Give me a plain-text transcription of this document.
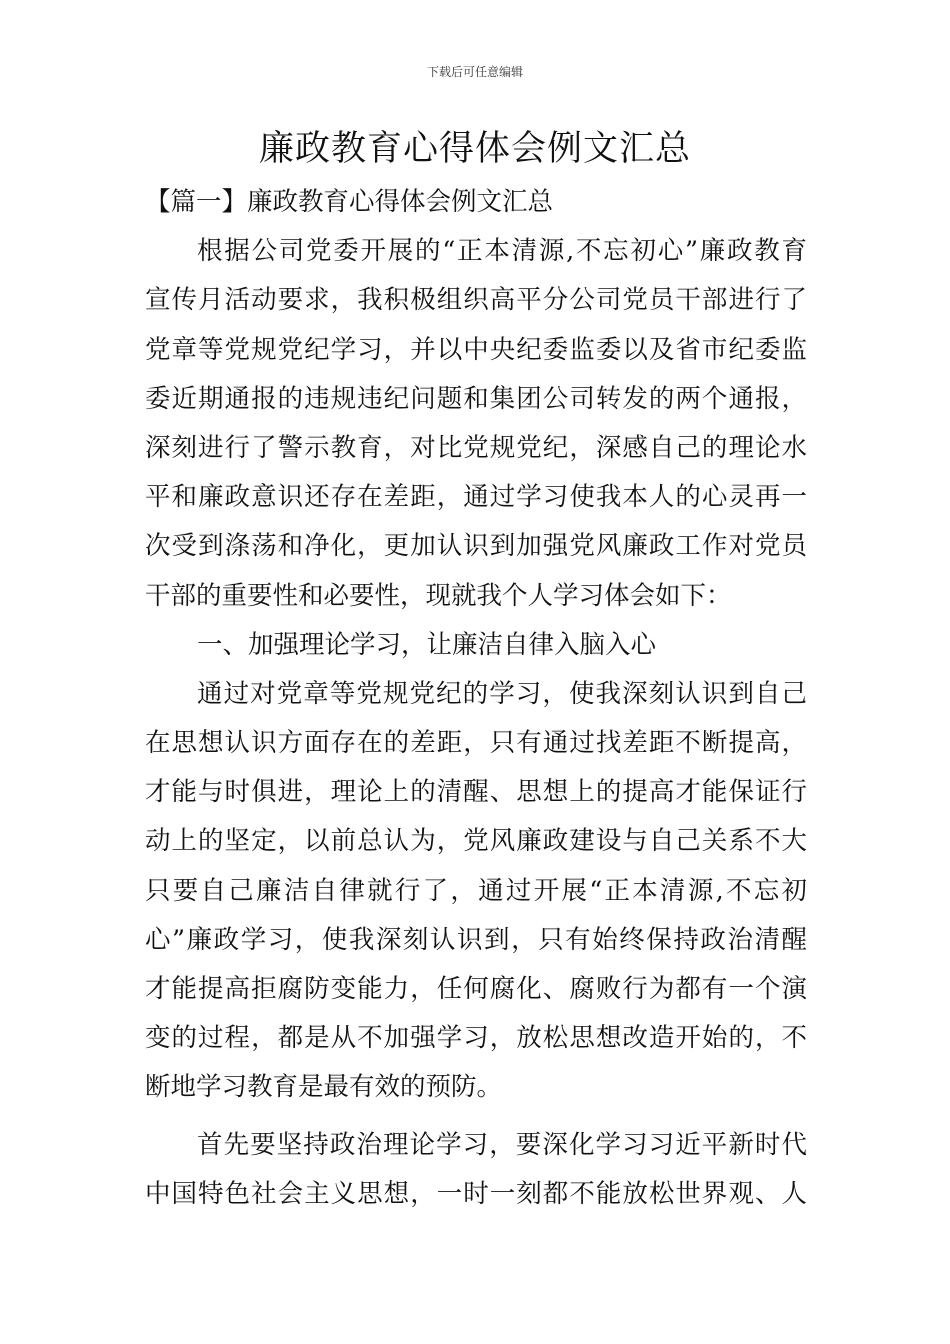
下载后可任意编辑
廉政教育心得体会例文汇总
【篇一】廉政教育心得体会例文汇总
根据公司党委开展的“正本清源,不忘初心”廉政教育
宣传月活动要求，我积极组织高平分公司党员干部进行了
党章等党规党纪学习，并以中央纪委监委以及省市纪委监
委近期通报的违规违纪问题和集团公司转发的两个通报，
深刻进行了警示教育，对比党规党纪，深感自己的理论水
平和廉政意识还存在差距，通过学习使我本人的心灵再一
次受到涤荡和净化，更加认识到加强党风廉政工作对党员
干部的重要性和必要性，现就我个人学习体会如下：
一、加强理论学习，让廉洁自律入脑入心
通过对党章等党规党纪的学习，使我深刻认识到自己
在思想认识方面存在的差距，只有通过找差距不断提高，
才能与时俱进，理论上的清醒、思想上的提高才能保证行
动上的坚定，以前总认为，党风廉政建设与自己关系不大
只要自己廉洁自律就行了，通过开展“正本清源,不忘初
心”廉政学习，使我深刻认识到，只有始终保持政治清醒
才能提高拒腐防变能力，任何腐化、腐败行为都有一个演
变的过程，都是从不加强学习，放松思想改造开始的，不
断地学习教育是最有效的预防。
首先要坚持政治理论学习，要深化学习习近平新时代
中国特色社会主义思想，一时一刻都不能放松世界观、人
